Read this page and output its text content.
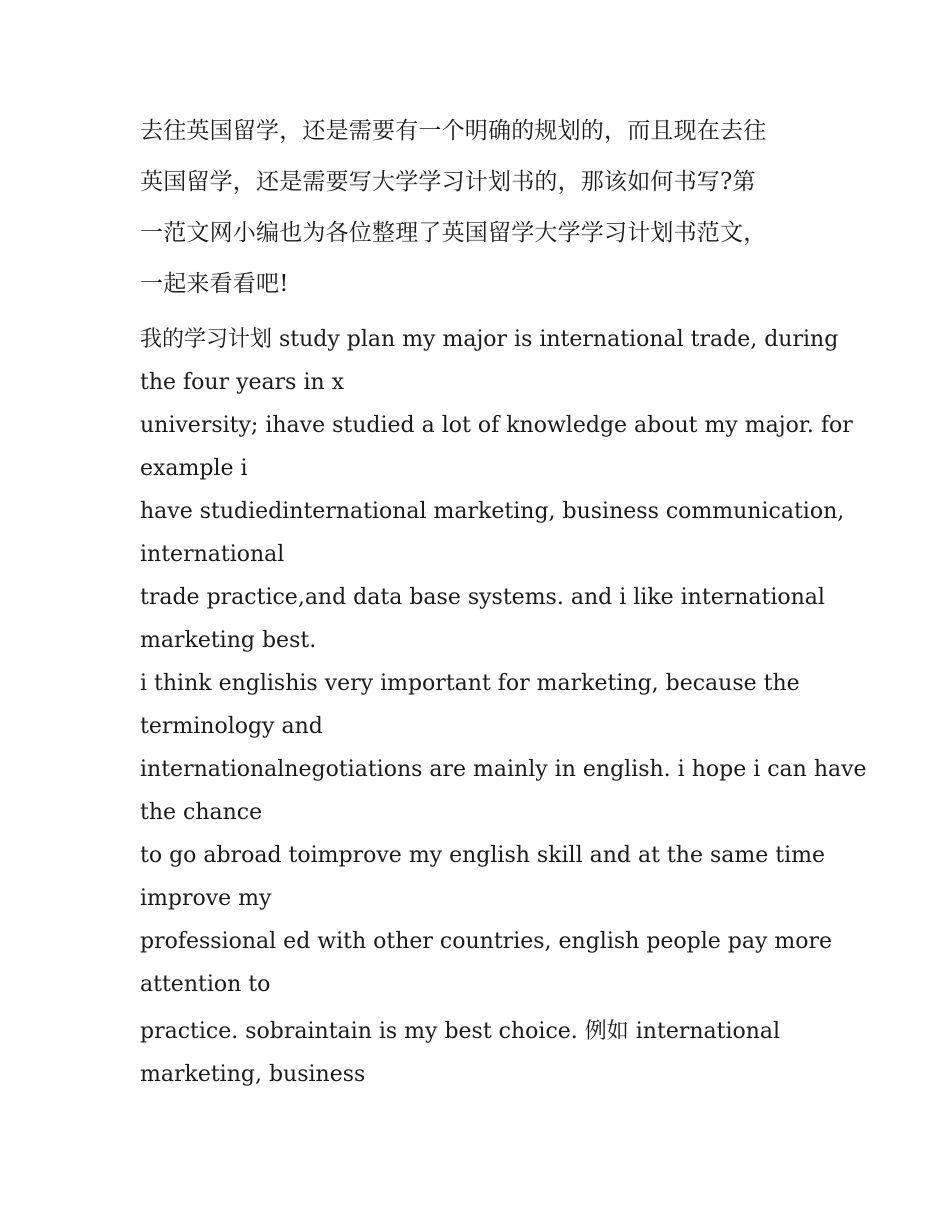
去往英国留学，还是需要有一个明确的规划的，而且现在去往

英国留学，还是需要写大学学习计划书的，那该如何书写?第

一范文网小编也为各位整理了英国留学大学学习计划书范文，

一起来看看吧!

我的学习计划 study plan my major is international trade, during

the four years in x

university; ihave studied a lot of knowledge about my major. for

example i

have studiedinternational marketing, business communication,

international

trade practice,and data base systems. and i like international

marketing best.

i think englishis very important for marketing, because the

terminology and

internationalnegotiations are mainly in english. i hope i can have

the chance

to go abroad toimprove my english skill and at the same time

improve my

professional ed with other countries, english people pay more

attention to

practice. sobraintain is my best choice. 例如 international

marketing, business
